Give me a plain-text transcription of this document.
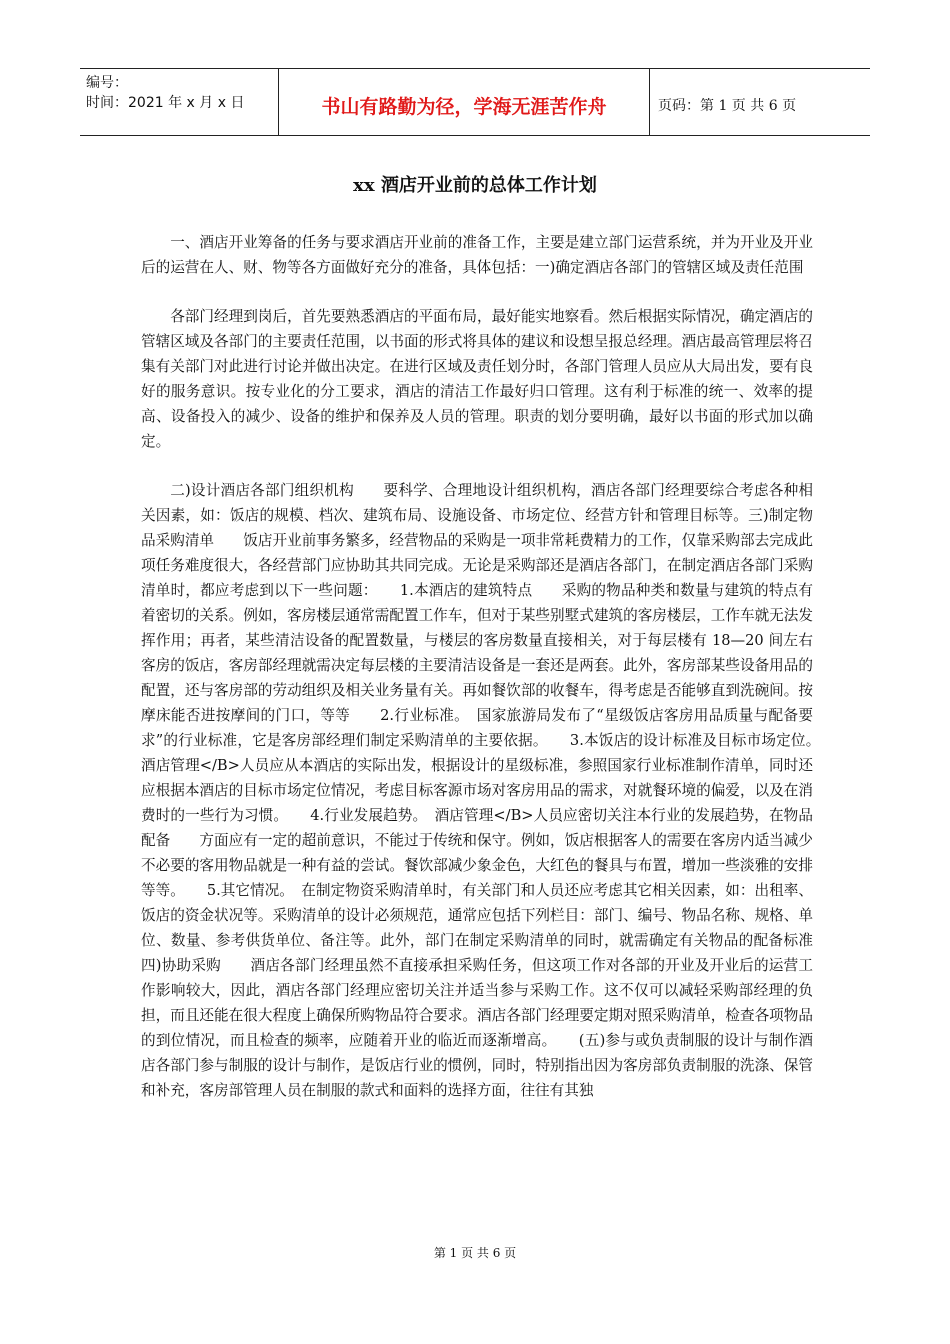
编号：
时间：2021 年 x 月 x 日	书山有路勤为径，学海无涯苦作舟	页码：第 1 页 共 6 页
xx 酒店开业前的总体工作计划

一、酒店开业筹备的任务与要求酒店开业前的准备工作，主要是建立部门运营系统，并为开业及开业后的运营在人、财、物等各方面做好充分的准备，具体包括：一)确定酒店各部门的管辖区域及责任范围

各部门经理到岗后，首先要熟悉酒店的平面布局，最好能实地察看。然后根据实际情况，确定酒店的管辖区域及各部门的主要责任范围，以书面的形式将具体的建议和设想呈报总经理。酒店最高管理层将召集有关部门对此进行讨论并做出决定。在进行区域及责任划分时，各部门管理人员应从大局出发，要有良好的服务意识。按专业化的分工要求，酒店的清洁工作最好归口管理。这有利于标准的统一、效率的提高、设备投入的减少、设备的维护和保养及人员的管理。职责的划分要明确，最好以书面的形式加以确定。

二)设计酒店各部门组织机构　　要科学、合理地设计组织机构，酒店各部门经理要综合考虑各种相关因素，如：饭店的规模、档次、建筑布局、设施设备、市场定位、经营方针和管理目标等。三)制定物品采购清单　　饭店开业前事务繁多，经营物品的采购是一项非常耗费精力的工作，仅靠采购部去完成此项任务难度很大，各经营部门应协助其共同完成。无论是采购部还是酒店各部门，在制定酒店各部门采购清单时，都应考虑到以下一些问题：　　1.本酒店的建筑特点　　采购的物品种类和数量与建筑的特点有着密切的关系。例如，客房楼层通常需配置工作车，但对于某些别墅式建筑的客房楼层，工作车就无法发挥作用；再者，某些清洁设备的配置数量，与楼层的客房数量直接相关，对于每层楼有 18—20 间左右客房的饭店，客房部经理就需决定每层楼的主要清洁设备是一套还是两套。此外，客房部某些设备用品的配置，还与客房部的劳动组织及相关业务量有关。再如餐饮部的收餐车，得考虑是否能够直到洗碗间。按摩床能否进按摩间的门口，等等　　2.行业标准。　国家旅游局发布了“星级饭店客房用品质量与配备要求”的行业标准，它是客房部经理们制定采购清单的主要依据。　　3.本饭店的设计标准及目标市场定位。　酒店管理</B>人员应从本酒店的实际出发，根据设计的星级标准，参照国家行业标准制作清单，同时还应根据本酒店的目标市场定位情况，考虑目标客源市场对客房用品的需求，对就餐环境的偏爱，以及在消费时的一些行为习惯。　　4.行业发展趋势。　酒店管理</B>人员应密切关注本行业的发展趋势，在物品配备　　方面应有一定的超前意识，不能过于传统和保守。例如，饭店根据客人的需要在客房内适当减少不必要的客用物品就是一种有益的尝试。餐饮部减少象金色，大红色的餐具与布置，增加一些淡雅的安排等等。　　5.其它情况。　在制定物资采购清单时，有关部门和人员还应考虑其它相关因素，如：出租率、饭店的资金状况等。采购清单的设计必须规范，通常应包括下列栏目：部门、编号、物品名称、规格、单位、数量、参考供货单位、备注等。此外，部门在制定采购清单的同时，就需确定有关物品的配备标准　四)协助采购　　酒店各部门经理虽然不直接承担采购任务，但这项工作对各部的开业及开业后的运营工作影响较大，因此，酒店各部门经理应密切关注并适当参与采购工作。这不仅可以减轻采购部经理的负担，而且还能在很大程度上确保所购物品符合要求。酒店各部门经理要定期对照采购清单，检查各项物品的到位情况，而且检查的频率，应随着开业的临近而逐渐增高。　　(五)参与或负责制服的设计与制作酒店各部门参与制服的设计与制作，是饭店行业的惯例，同时，特别指出因为客房部负责制服的洗涤、保管和补充，客房部管理人员在制服的款式和面料的选择方面，往往有其独

第 1 页 共 6 页
